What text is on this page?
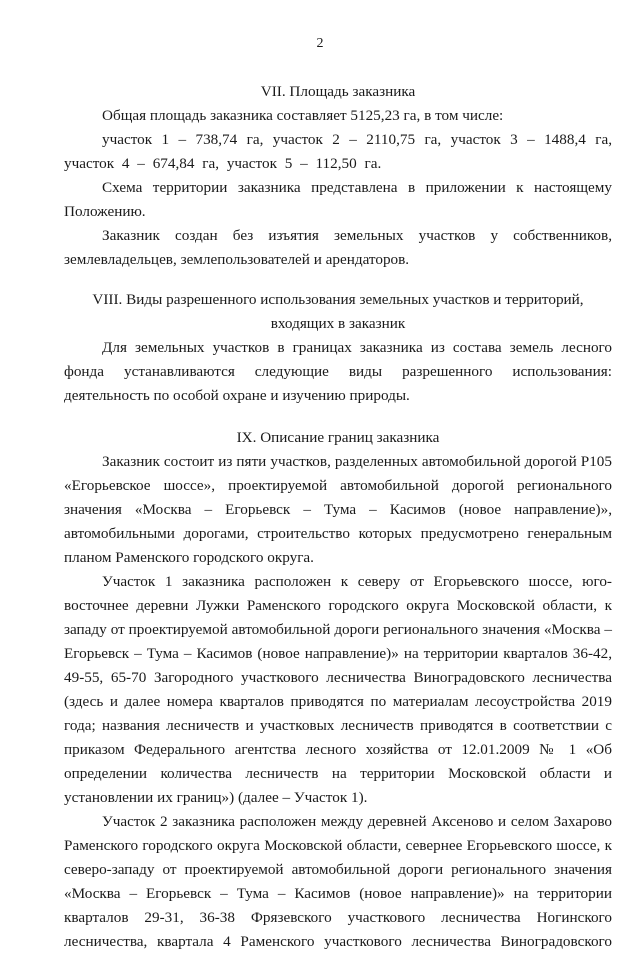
2
VII. Площадь заказника

Общая площадь заказника составляет 5125,23 га, в том числе:

участок 1 – 738,74 га, участок 2 – 2110,75 га, участок 3 – 1488,4 га, участок 4 – 674,84 га, участок 5 – 112,50 га.

Схема территории заказника представлена в приложении к настоящему Положению.

Заказник создан без изъятия земельных участков у собственников, землевладельцев, землепользователей и арендаторов.

VIII. Виды разрешенного использования земельных участков и территорий,
входящих в заказник

Для земельных участков в границах заказника из состава земель лесного фонда устанавливаются следующие виды разрешенного использования: деятельность по особой охране и изучению природы.

IX. Описание границ заказника

Заказник состоит из пяти участков, разделенных автомобильной дорогой Р105 «Егорьевское шоссе», проектируемой автомобильной дорогой регионального значения «Москва – Егорьевск – Тума – Касимов (новое направление)», автомобильными дорогами, строительство которых предусмотрено генеральным планом Раменского городского округа.

Участок 1 заказника расположен к северу от Егорьевского шоссе, юго-восточнее деревни Лужки Раменского городского округа Московской области, к западу от проектируемой автомобильной дороги регионального значения «Москва – Егорьевск – Тума – Касимов (новое направление)» на территории кварталов 36-42, 49-55, 65-70 Загородного участкового лесничества Виноградовского лесничества (здесь и далее номера кварталов приводятся по материалам лесоустройства 2019 года; названия лесничеств и участковых лесничеств приводятся в соответствии с приказом Федерального агентства лесного хозяйства от 12.01.2009 № 1 «Об определении количества лесничеств на территории Московской области и установлении их границ») (далее – Участок 1).

Участок 2 заказника расположен между деревней Аксеново и селом Захарово Раменского городского округа Московской области, севернее Егорьевского шоссе, к северо-западу от проектируемой автомобильной дороги регионального значения «Москва – Егорьевск – Тума – Касимов (новое направление)» на территории кварталов 29-31, 36-38 Фрязевского участкового лесничества Ногинского лесничества, квартала 4 Раменского участкового лесничества Виноградовского
